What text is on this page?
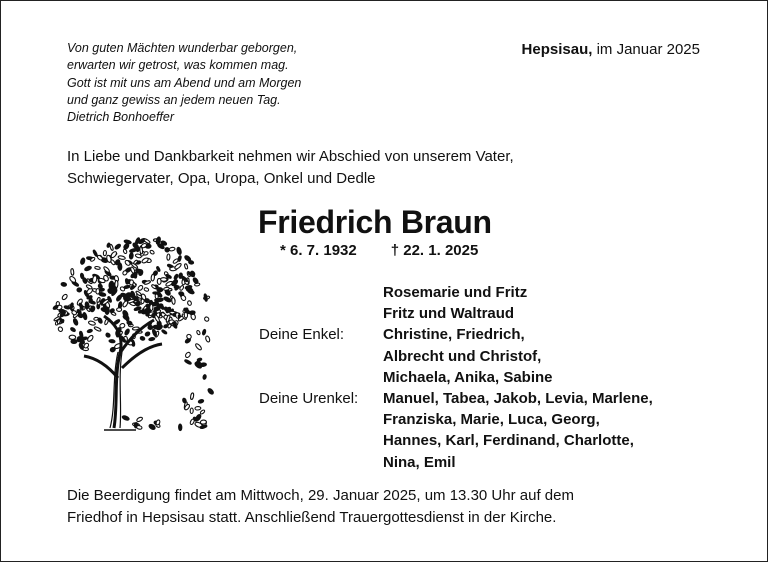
Von guten Mächten wunderbar geborgen,
erwarten wir getrost, was kommen mag.
Gott ist mit uns am Abend und am Morgen
und ganz gewiss an jedem neuen Tag.
Dietrich Bonhoeffer
Hepsisau, im Januar 2025
In Liebe und Dankbarkeit nehmen wir Abschied von unserem Vater,
Schwiegervater, Opa, Uropa, Onkel und Dedle
Friedrich Braun
* 6. 7. 1932 † 22. 1. 2025

Deine Enkel:

Deine Urenkel:
Rosemarie und Fritz
Fritz und Waltraud
Christine, Friedrich,
Albrecht und Christof,
Michaela, Anika, Sabine
Manuel, Tabea, Jakob, Levia, Marlene,
Franziska, Marie, Luca, Georg,
Hannes, Karl, Ferdinand, Charlotte,
Nina, Emil
Die Beerdigung findet am Mittwoch, 29. Januar 2025, um 13.30 Uhr auf dem
Friedhof in Hepsisau statt. Anschließend Trauergottesdienst in der Kirche.
